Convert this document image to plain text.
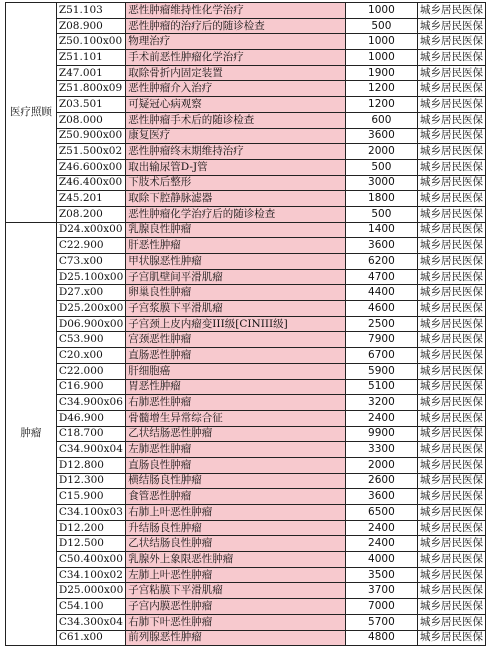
医疗照顾	Z51.103	恶性肿瘤维持性化学治疗	1000	城乡居民医保
	Z08.900	恶性肿瘤的治疗后的随诊检查	500	城乡居民医保
	Z50.100x00	物理治疗	1000	城乡居民医保
	Z51.101	手术前恶性肿瘤化学治疗	1000	城乡居民医保
	Z47.001	取除骨折内固定装置	1900	城乡居民医保
	Z51.800x09	恶性肿瘤介入治疗	1200	城乡居民医保
	Z03.501	可疑冠心病观察	1200	城乡居民医保
	Z08.000	恶性肿瘤手术后的随诊检查	600	城乡居民医保
	Z50.900x00	康复医疗	3600	城乡居民医保
	Z51.500x02	恶性肿瘤终末期维持治疗	2000	城乡居民医保
	Z46.600x00	取出输尿管D-J管	500	城乡居民医保
	Z46.400x00	下肢术后整形	3000	城乡居民医保
	Z45.201	取除下腔静脉滤器	1800	城乡居民医保
	Z08.200	恶性肿瘤化学治疗后的随诊检查	500	城乡居民医保
肿瘤	D24.x00x00	乳腺良性肿瘤	1400	城乡居民医保
	C22.900	肝恶性肿瘤	3600	城乡居民医保
	C73.x00	甲状腺恶性肿瘤	6200	城乡居民医保
	D25.100x00	子宫肌壁间平滑肌瘤	4700	城乡居民医保
	D27.x00	卵巢良性肿瘤	4400	城乡居民医保
	D25.200x00	子宫浆膜下平滑肌瘤	4600	城乡居民医保
	D06.900x00	子宫颈上皮内瘤变III级[CINIII级]	2500	城乡居民医保
	C53.900	宫颈恶性肿瘤	7900	城乡居民医保
	C20.x00	直肠恶性肿瘤	6700	城乡居民医保
	C22.000	肝细胞癌	5900	城乡居民医保
	C16.900	胃恶性肿瘤	5100	城乡居民医保
	C34.900x06	右肺恶性肿瘤	3200	城乡居民医保
	D46.900	骨髓增生异常综合征	2400	城乡居民医保
	C18.700	乙状结肠恶性肿瘤	9900	城乡居民医保
	C34.900x04	左肺恶性肿瘤	3300	城乡居民医保
	D12.800	直肠良性肿瘤	2000	城乡居民医保
	D12.300	横结肠良性肿瘤	2600	城乡居民医保
	C15.900	食管恶性肿瘤	3600	城乡居民医保
	C34.100x03	右肺上叶恶性肿瘤	6500	城乡居民医保
	D12.200	升结肠良性肿瘤	2400	城乡居民医保
	D12.500	乙状结肠良性肿瘤	2400	城乡居民医保
	C50.400x00	乳腺外上象限恶性肿瘤	4000	城乡居民医保
	C34.100x02	左肺上叶恶性肿瘤	3500	城乡居民医保
	D25.000x00	子宫粘膜下平滑肌瘤	3700	城乡居民医保
	C54.100	子宫内膜恶性肿瘤	7000	城乡居民医保
	C34.300x04	右肺下叶恶性肿瘤	5700	城乡居民医保
	C61.x00	前列腺恶性肿瘤	4800	城乡居民医保
